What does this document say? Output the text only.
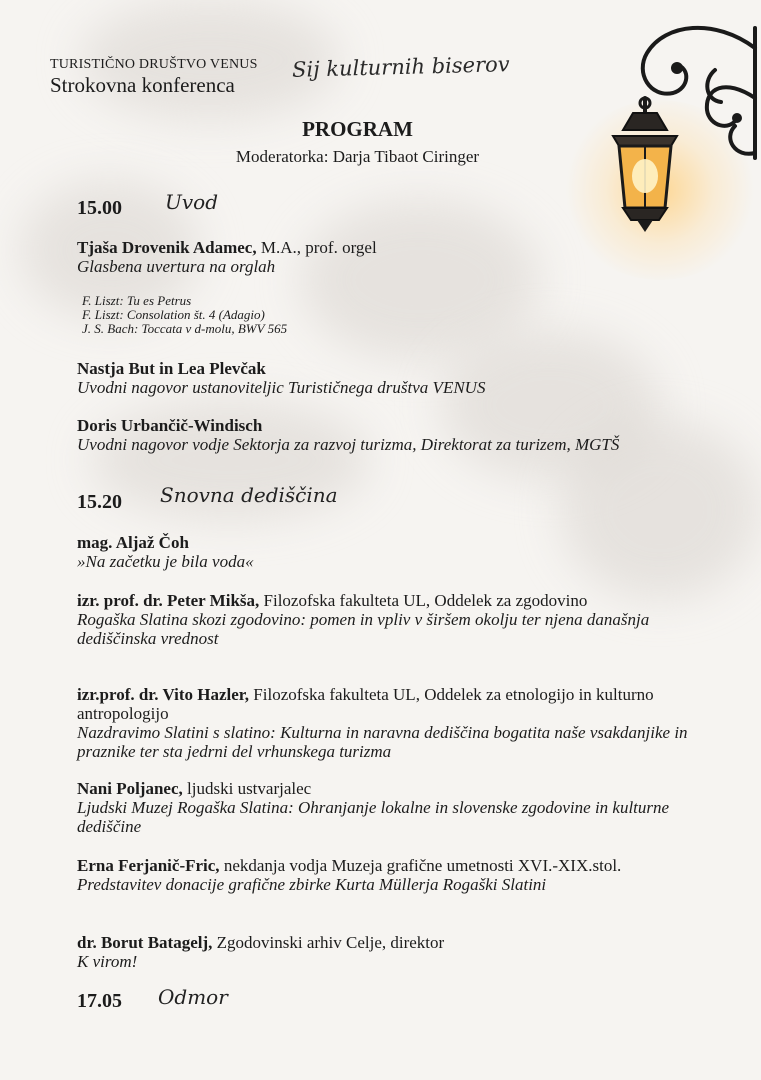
TURISTIČNO DRUŠTVO VENUS
Strokovna konferenca
Sij kulturnih biserov
PROGRAM
Moderatorka: Darja Tibaot Ciringer
15.00 Uvod
Tjaša Drovenik Adamec, M.A., prof. orgel
Glasbena uvertura na orglah
F. Liszt: Tu es Petrus
F. Liszt: Consolation št. 4 (Adagio)
J. S. Bach: Toccata v d-molu, BWV 565
Nastja But in Lea Plevčak
Uvodni nagovor ustanoviteljic Turističnega društva VENUS
Doris Urbančič-Windisch
Uvodni nagovor vodje Sektorja za razvoj turizma, Direktorat za turizem, MGTŠ
15.20 Snovna dediščina
mag. Aljaž Čoh
»Na začetku je bila voda«
izr. prof. dr. Peter Mikša, Filozofska fakulteta UL, Oddelek za zgodovino
Rogaška Slatina skozi zgodovino: pomen in vpliv v širšem okolju ter njena današnja dediščinska vrednost
izr.prof. dr. Vito Hazler, Filozofska fakulteta UL, Oddelek za etnologijo in kulturno antropologijo
Nazdravimo Slatini s slatino: Kulturna in naravna dediščina bogatita naše vsakdanjike in praznike ter sta jedrni del vrhunskega turizma
Nani Poljanec, ljudski ustvarjalec
Ljudski Muzej Rogaška Slatina: Ohranjanje lokalne in slovenske zgodovine in kulturne dediščine
Erna Ferjanič-Fric, nekdanja vodja Muzeja grafične umetnosti XVI.-XIX.stol.
Predstavitev donacije grafične zbirke Kurta Müllerja Rogaški Slatini
dr. Borut Batagelj, Zgodovinski arhiv Celje, direktor
K virom!
17.05 Odmor
